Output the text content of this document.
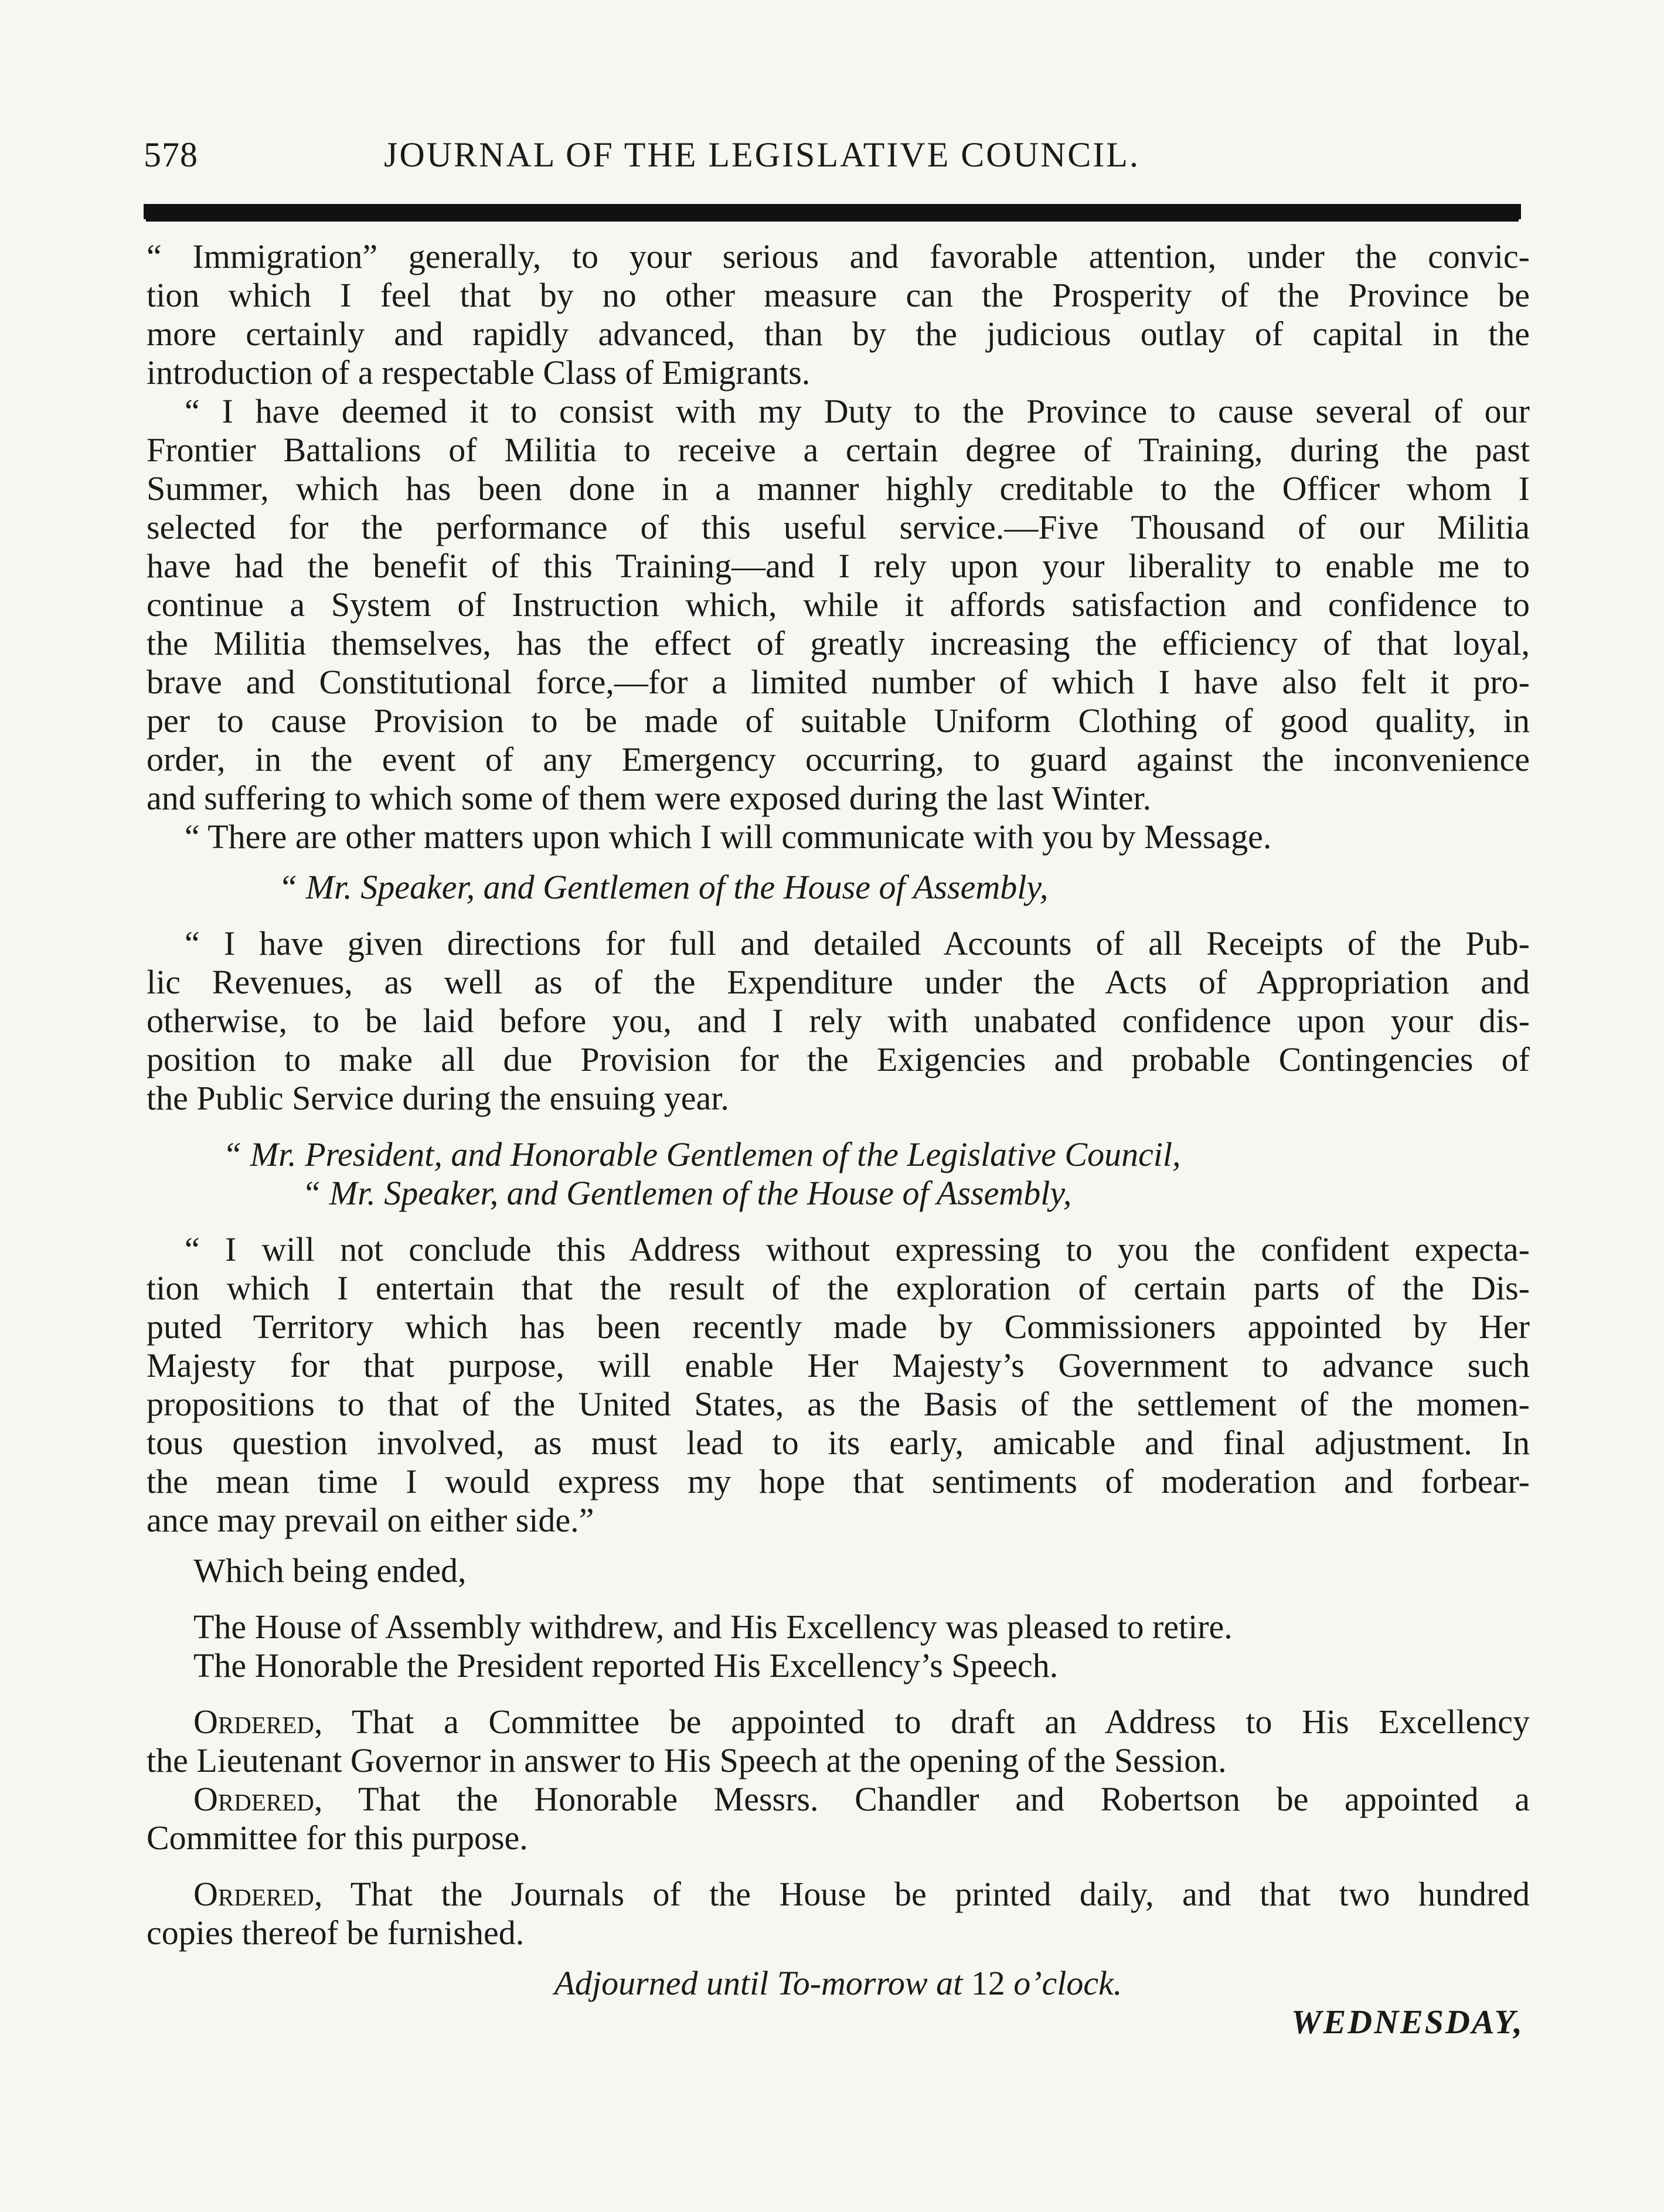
578	JOURNAL OF THE LEGISLATIVE COUNCIL.
“ Immigration” generally, to your serious and favorable attention, under the convic-
tion which I feel that by no other measure can the Prosperity of the Province be
more certainly and rapidly advanced, than by the judicious outlay of capital in the
introduction of a respectable Class of Emigrants.
“ I have deemed it to consist with my Duty to the Province to cause several of our
Frontier Battalions of Militia to receive a certain degree of Training, during the past
Summer, which has been done in a manner highly creditable to the Officer whom I
selected for the performance of this useful service.—Five Thousand of our Militia
have had the benefit of this Training—and I rely upon your liberality to enable me to
continue a System of Instruction which, while it affords satisfaction and confidence to
the Militia themselves, has the effect of greatly increasing the efficiency of that loyal,
brave and Constitutional force,—for a limited number of which I have also felt it pro-
per to cause Provision to be made of suitable Uniform Clothing of good quality, in
order, in the event of any Emergency occurring, to guard against the inconvenience
and suffering to which some of them were exposed during the last Winter.
“ There are other matters upon which I will communicate with you by Message.
“ Mr. Speaker, and Gentlemen of the House of Assembly,
“ I have given directions for full and detailed Accounts of all Receipts of the Pub-
lic Revenues, as well as of the Expenditure under the Acts of Appropriation and
otherwise, to be laid before you, and I rely with unabated confidence upon your dis-
position to make all due Provision for the Exigencies and probable Contingencies of
the Public Service during the ensuing year.
“ Mr. President, and Honorable Gentlemen of the Legislative Council,
“ Mr. Speaker, and Gentlemen of the House of Assembly,
“ I will not conclude this Address without expressing to you the confident expecta-
tion which I entertain that the result of the exploration of certain parts of the Dis-
puted Territory which has been recently made by Commissioners appointed by Her
Majesty for that purpose, will enable Her Majesty’s Government to advance such
propositions to that of the United States, as the Basis of the settlement of the momen-
tous question involved, as must lead to its early, amicable and final adjustment. In
the mean time I would express my hope that sentiments of moderation and forbear-
ance may prevail on either side.”
Which being ended,
The House of Assembly withdrew, and His Excellency was pleased to retire.
The Honorable the President reported His Excellency’s Speech.
Ordered, That a Committee be appointed to draft an Address to His Excellency
the Lieutenant Governor in answer to His Speech at the opening of the Session.
Ordered, That the Honorable Messrs. Chandler and Robertson be appointed a
Committee for this purpose.
Ordered, That the Journals of the House be printed daily, and that two hundred
copies thereof be furnished.
Adjourned until To-morrow at 12 o’clock.
WEDNESDAY,
